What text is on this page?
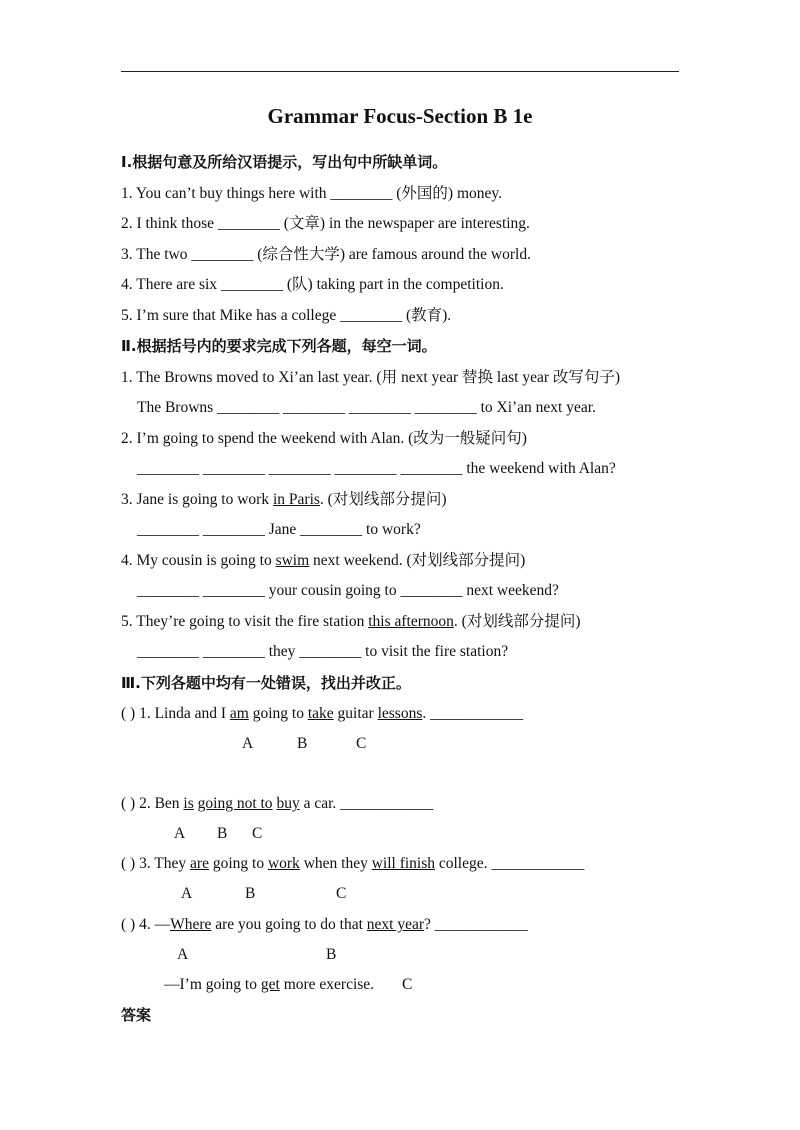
Grammar Focus-Section B 1e
Ⅰ.根据句意及所给汉语提示，写出句中所缺单词。
1. You can’t buy things here with ________ (外国的) money.
2. I think those ________ (文章) in the newspaper are interesting.
3. The two ________ (综合性大学) are famous around the world.
4. There are six ________ (队) taking part in the competition.
5. I’m sure that Mike has a college ________ (教育).
Ⅱ.根据括号内的要求完成下列各题，每空一词。
1. The Browns moved to Xi’an last year. (用 next year 替换 last year 改写句子)
The Browns ________ ________ ________ ________ to Xi’an next year.
2. I’m going to spend the weekend with Alan. (改为一般疑问句)
________ ________ ________ ________ ________ the weekend with Alan?
3. Jane is going to work in Paris. (对划线部分提问)
________ ________ Jane ________ to work?
4. My cousin is going to swim next weekend. (对划线部分提问)
________ ________ your cousin going to ________ next weekend?
5. They’re going to visit the fire station this afternoon. (对划线部分提问)
________ ________ they ________ to visit the fire station?
Ⅲ.下列各题中均有一处错误，找出并改正。
( ) 1. Linda and I am going to take guitar lessons. ____________
A	B	C
( ) 2. Ben is going not to buy a car. ____________
A B C
( ) 3. They are going to work when they will finish college. ____________
A	B	C
( ) 4. —Where are you going to do that next year? ____________
A	B
—I’m going to get more exercise. C
答案
